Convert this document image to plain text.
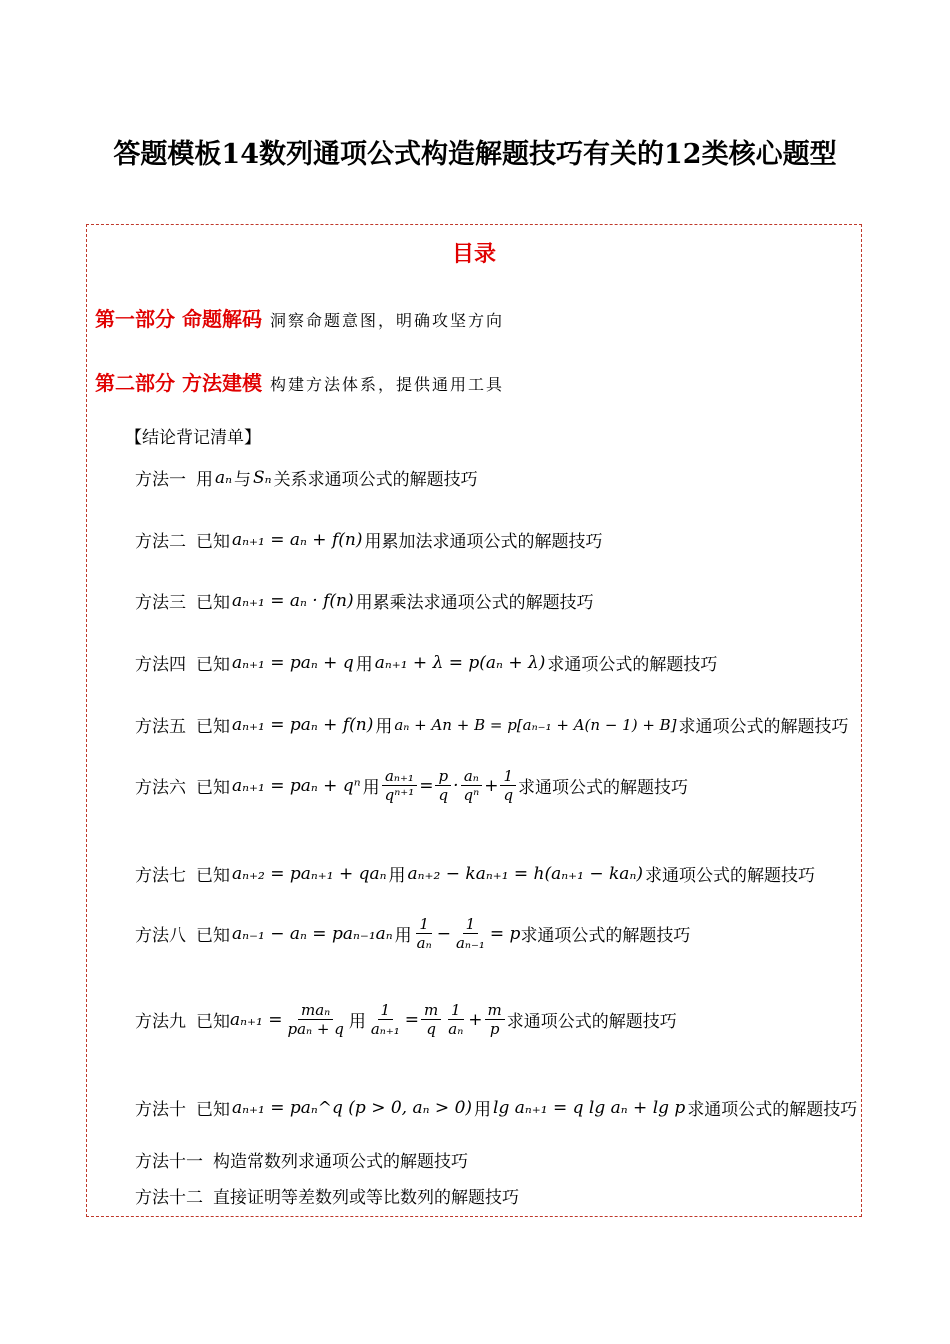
答题模板14数列通项公式构造解题技巧有关的12类核心题型
目录
第一部分 命题解码 洞察命题意图，明确攻坚方向
第二部分 方法建模 构建方法体系，提供通用工具
【结论背记清单】
方法一 用 aₙ 与 Sₙ 关系求通项公式的解题技巧
方法二 已知 aₙ₊₁ = aₙ + f(n) 用累加法求通项公式的解题技巧
方法三 已知 aₙ₊₁ = aₙ · f(n) 用累乘法求通项公式的解题技巧
方法四 已知 aₙ₊₁ = paₙ + q 用 aₙ₊₁ + λ = p(aₙ + λ) 求通项公式的解题技巧
方法五 已知 aₙ₊₁ = paₙ + f(n) 用 aₙ + An + B = p[aₙ₋₁ + A(n − 1) + B] 求通项公式的解题技巧
方法六 已知 aₙ₊₁ = paₙ + qⁿ 用 $\frac{\text{aₙ₊₁}}{\text{qⁿ⁺¹}} = \frac{p}{q} \cdot \frac{\text{aₙ}}{\text{qⁿ}} + \frac{1}{q}$ 求通项公式的解题技巧
方法七 已知 aₙ₊₂ = paₙ₊₁ + qaₙ 用 aₙ₊₂ − kaₙ₊₁ = h(aₙ₊₁ − kaₙ) 求通项公式的解题技巧
方法八 已知 aₙ₋₁ − aₙ = paₙ₋₁aₙ 用 $\frac{1}{\text{aₙ}} - \frac{1}{\text{aₙ₋₁}} = p$ 求通项公式的解题技巧
方法九 已知 $a_{n+1} = \frac{\text{maₙ}}{\text{paₙ + q}}$ 用 $\frac{1}{\text{aₙ₊₁}} = \frac{m}{q} \frac{1}{\text{aₙ}} + \frac{m}{p}$ 求通项公式的解题技巧
方法十 已知 aₙ₊₁ = paₙ^q (p > 0, aₙ > 0) 用 lg aₙ₊₁ = q lg aₙ + lg p 求通项公式的解题技巧
方法十一 构造常数列求通项公式的解题技巧
方法十二 直接证明等差数列或等比数列的解题技巧
